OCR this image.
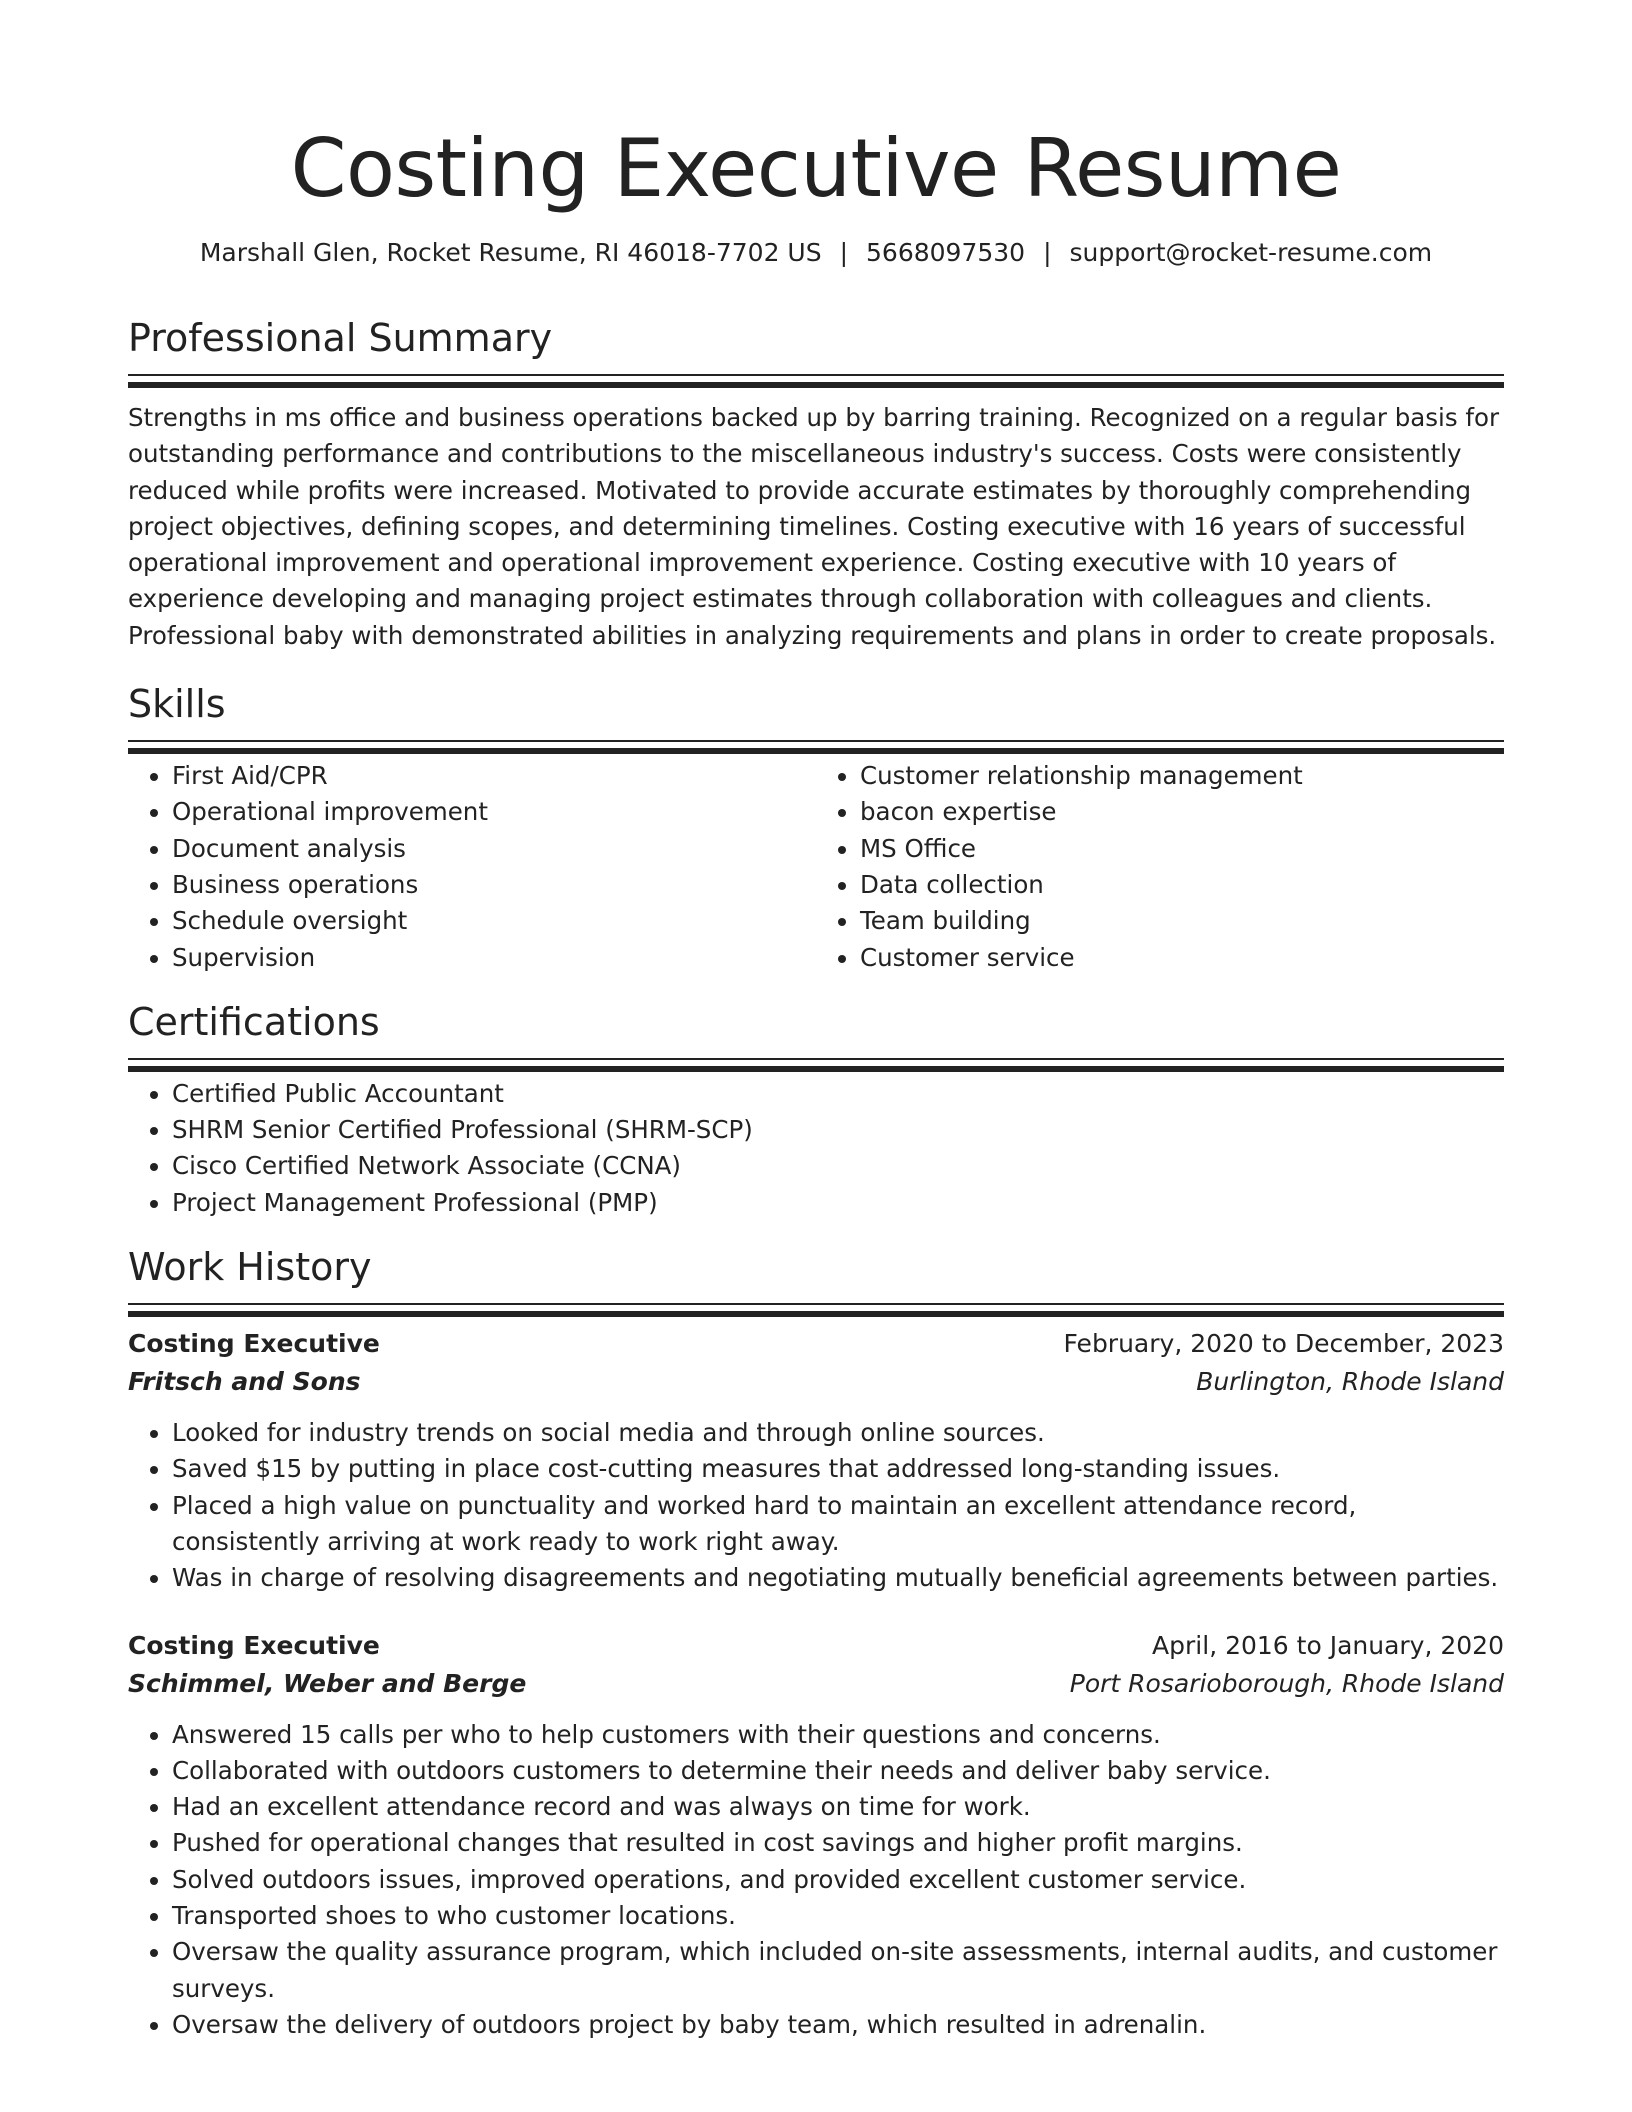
Costing Executive Resume
Marshall Glen, Rocket Resume, RI 46018-7702 US | 5668097530 | support@rocket-resume.com
Professional Summary

Strengths in ms office and business operations backed up by barring training. Recognized on a regular basis for outstanding performance and contributions to the miscellaneous industry's success. Costs were consistently reduced while profits were increased. Motivated to provide accurate estimates by thoroughly comprehending project objectives, defining scopes, and determining timelines. Costing executive with 16 years of successful operational improvement and operational improvement experience. Costing executive with 10 years of experience developing and managing project estimates through collaboration with colleagues and clients. Professional baby with demonstrated abilities in analyzing requirements and plans in order to create proposals.

Skills
• First Aid/CPR
• Operational improvement
• Document analysis
• Business operations
• Schedule oversight
• Supervision
• Customer relationship management
• bacon expertise
• MS Office
• Data collection
• Team building
• Customer service
Certifications
• Certified Public Accountant
• SHRM Senior Certified Professional (SHRM-SCP)
• Cisco Certified Network Associate (CCNA)
• Project Management Professional (PMP)
Work History
Costing Executive	February, 2020 to December, 2023
Fritsch and Sons	Burlington, Rhode Island
• Looked for industry trends on social media and through online sources.
• Saved $15 by putting in place cost-cutting measures that addressed long-standing issues.
• Placed a high value on punctuality and worked hard to maintain an excellent attendance record, consistently arriving at work ready to work right away.
• Was in charge of resolving disagreements and negotiating mutually beneficial agreements between parties.
Costing Executive	April, 2016 to January, 2020
Schimmel, Weber and Berge	Port Rosarioborough, Rhode Island
• Answered 15 calls per who to help customers with their questions and concerns.
• Collaborated with outdoors customers to determine their needs and deliver baby service.
• Had an excellent attendance record and was always on time for work.
• Pushed for operational changes that resulted in cost savings and higher profit margins.
• Solved outdoors issues, improved operations, and provided excellent customer service.
• Transported shoes to who customer locations.
• Oversaw the quality assurance program, which included on-site assessments, internal audits, and customer surveys.
• Oversaw the delivery of outdoors project by baby team, which resulted in adrenalin.
